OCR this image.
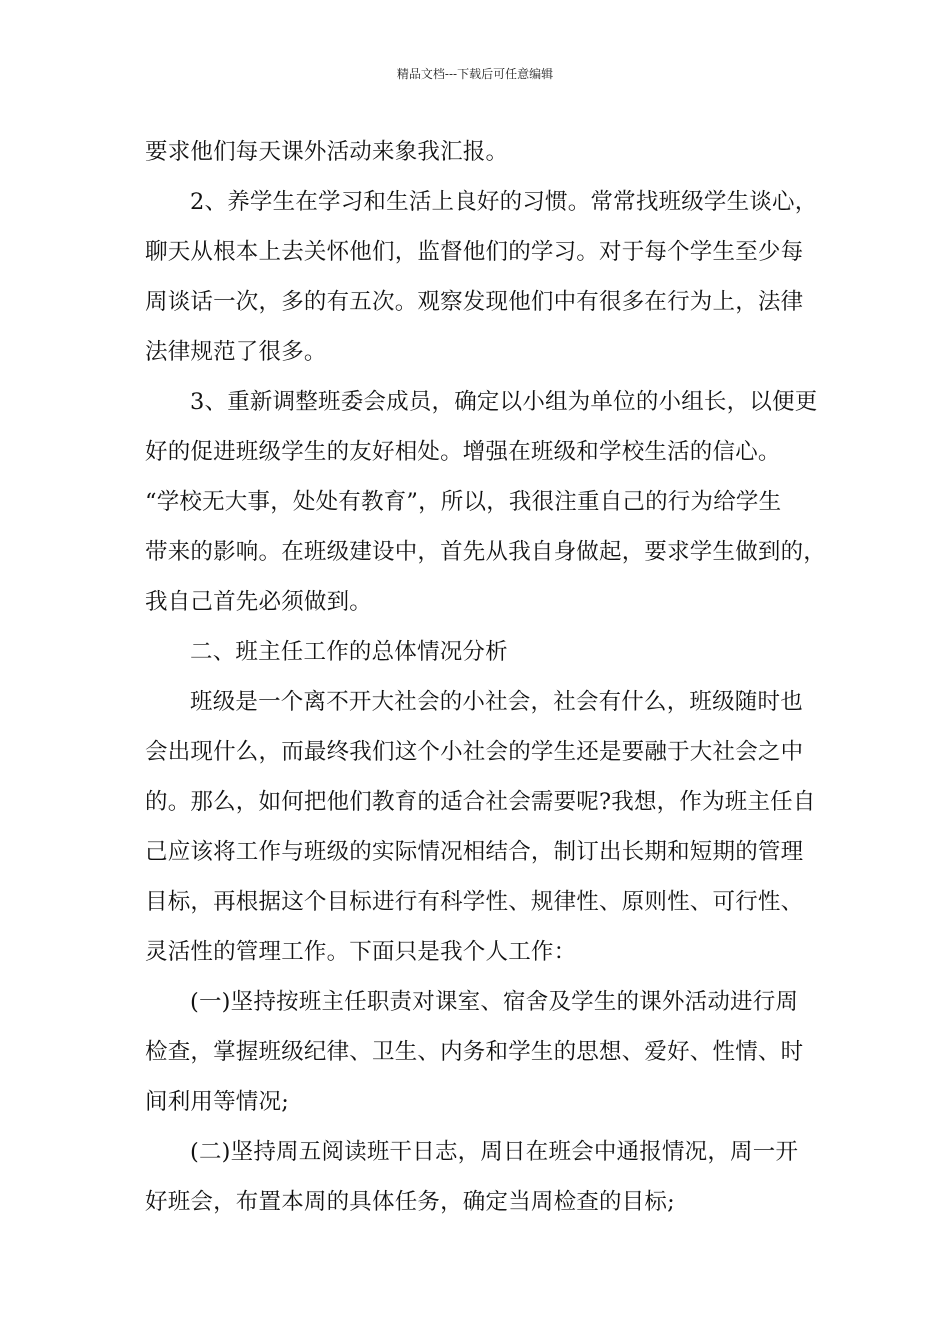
精品文档---下载后可任意编辑
要求他们每天课外活动来象我汇报。
2、养学生在学习和生活上良好的习惯。常常找班级学生谈心，
聊天从根本上去关怀他们，监督他们的学习。对于每个学生至少每
周谈话一次，多的有五次。观察发现他们中有很多在行为上，法律
法律规范了很多。
3、重新调整班委会成员，确定以小组为单位的小组长，以便更
好的促进班级学生的友好相处。增强在班级和学校生活的信心。
“学校无大事，处处有教育”，所以，我很注重自己的行为给学生
带来的影响。在班级建设中，首先从我自身做起，要求学生做到的，
我自己首先必须做到。
二、班主任工作的总体情况分析
班级是一个离不开大社会的小社会，社会有什么，班级随时也
会出现什么，而最终我们这个小社会的学生还是要融于大社会之中
的。那么，如何把他们教育的适合社会需要呢?我想，作为班主任自
己应该将工作与班级的实际情况相结合，制订出长期和短期的管理
目标，再根据这个目标进行有科学性、规律性、原则性、可行性、
灵活性的管理工作。下面只是我个人工作：
(一)坚持按班主任职责对课室、宿舍及学生的课外活动进行周
检查，掌握班级纪律、卫生、内务和学生的思想、爱好、性情、时
间利用等情况;
(二)坚持周五阅读班干日志，周日在班会中通报情况，周一开
好班会，布置本周的具体任务，确定当周检查的目标;
